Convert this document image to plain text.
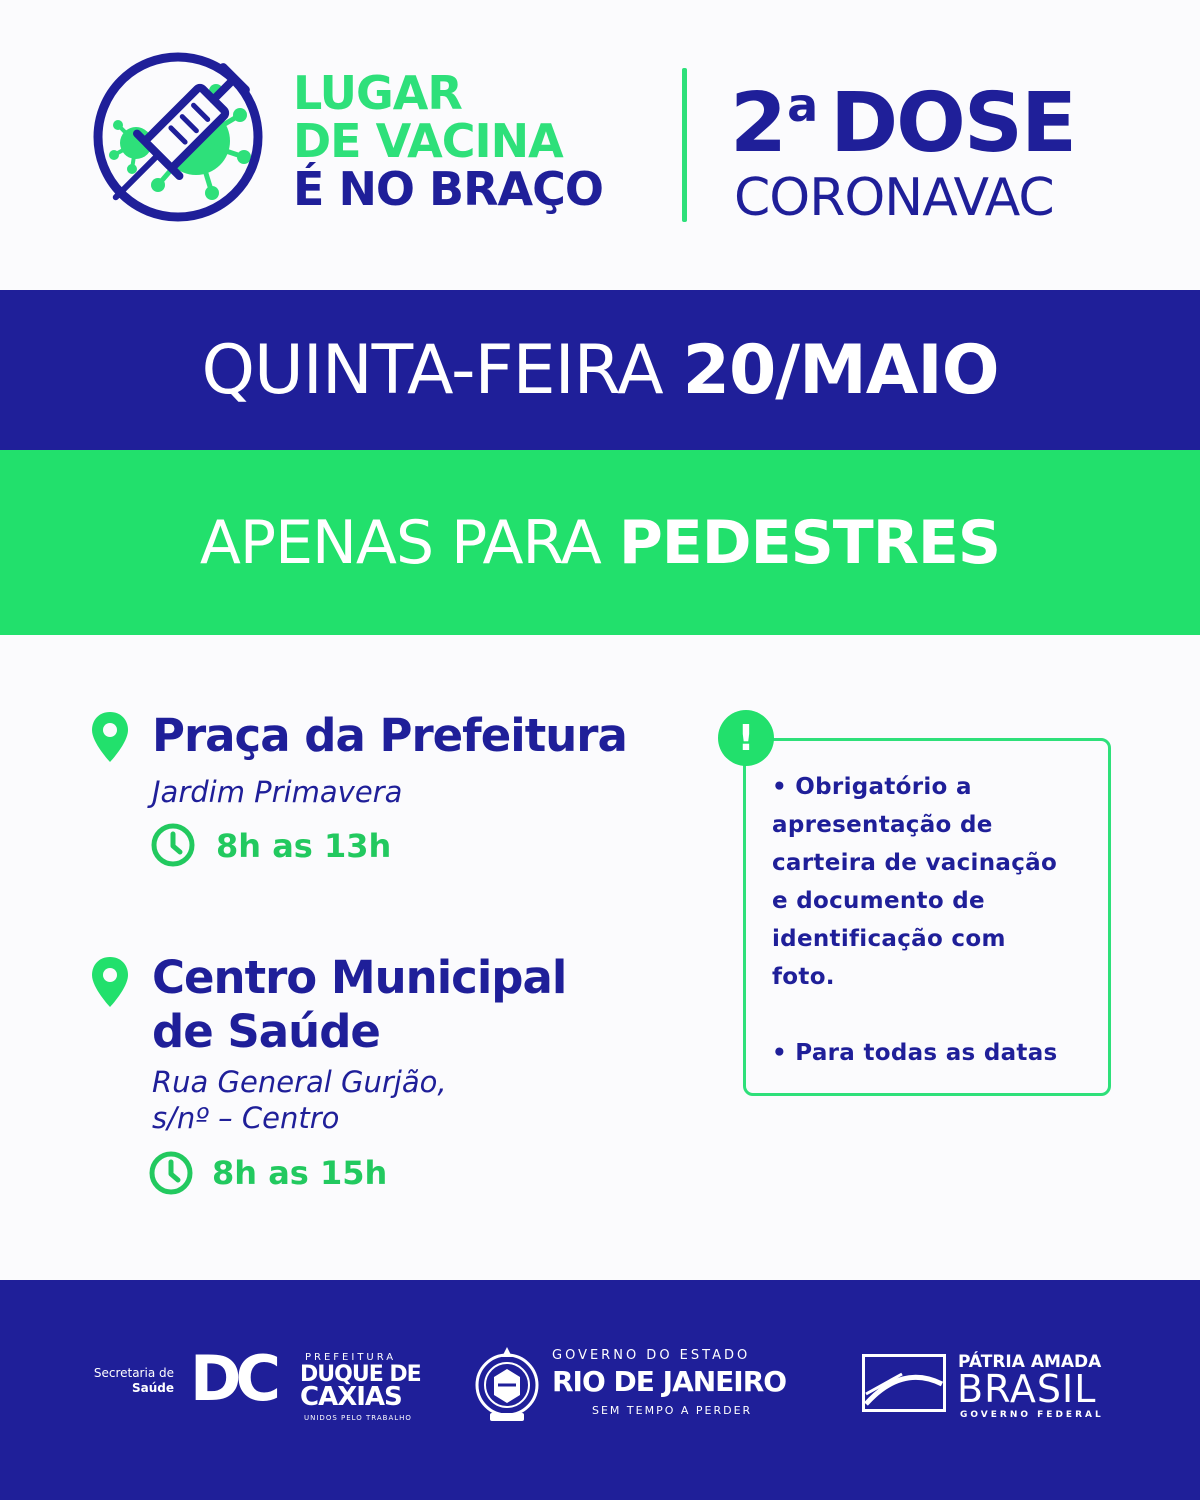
LUGAR
DE VACINA
É NO BRAÇO
2$^a$ DOSE
CORONAVAC
QUINTA-FEIRA 20/MAIO
APENAS PARA PEDESTRES
Praça da Prefeitura
Jardim Primavera
8h as 13h
Centro Municipal
de Saúde
Rua General Gurjão,
s/nº – Centro
8h as 15h
!
• Obrigatório a
apresentação de
carteira de vacinação
e documento de
identificação com
foto.
• Para todas as datas
Secretaria de
Saúde DC	PREFEITURA
DUQUE DE
CAXIAS
UNIDOS PELO TRABALHO
GOVERNO DO ESTADO
RIO DE JANEIRO
SEM TEMPO A PERDER
PÁTRIA AMADA
BRASIL
GOVERNO FEDERAL
